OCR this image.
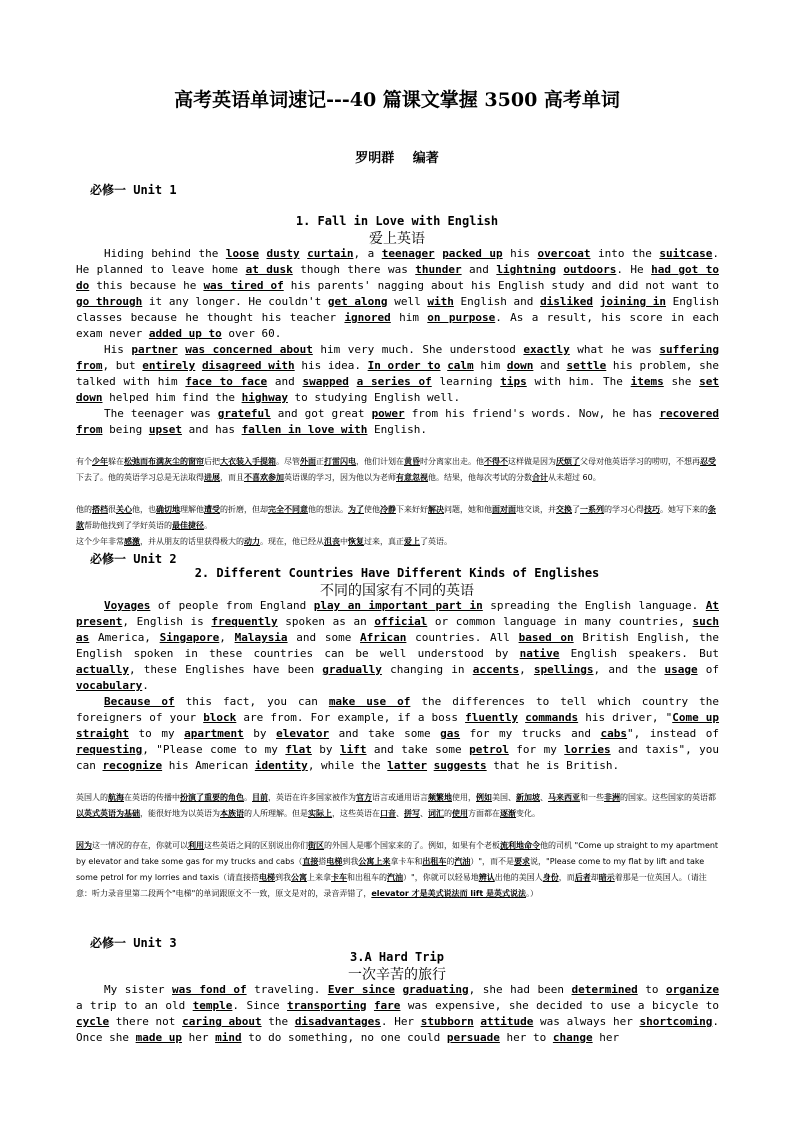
高考英语单词速记---40 篇课文掌握 3500 高考单词
罗明群 编著
必修一 Unit 1
1. Fall in Love with English
爱上英语

Hiding behind the loose dusty curtain, a teenager packed up his overcoat into the suitcase. He planned to leave home at dusk though there was thunder and lightning outdoors. He had got to do this because he was tired of his parents' nagging about his English study and did not want to go through it any longer. He couldn't get along well with English and disliked joining in English classes because he thought his teacher ignored him on purpose. As a result, his score in each exam never added up to over 60.

His partner was concerned about him very much. She understood exactly what he was suffering from, but entirely disagreed with his idea. In order to calm him down and settle his problem, she talked with him face to face and swapped a series of learning tips with him. The items she set down helped him find the highway to studying English well.

The teenager was grateful and got great power from his friend's words. Now, he has recovered from being upset and has fallen in love with English.

有个少年躲在松弛而布满灰尘的窗帘后把大衣装入手提箱。尽管外面正打雷闪电，他们计划在黄昏时分离家出走。他不得不这样做是因为厌烦了父母对他英语学习的唠叨，不想再忍受下去了。他的英语学习总是无法取得进展，而且不喜欢参加英语课的学习，因为他以为老师有意忽视他。结果，他每次考试的分数合计从未超过 60。

他的搭档很关心他，也确切地理解他遭受的折磨，但却完全不同意他的想法。为了使他冷静下来好好解决问题，她和他面对面地交谈，并交换了一系列的学习心得技巧。她写下来的条款帮助他找到了学好英语的最佳捷径。

这个少年非常感激，并从朋友的话里获得极大的动力。现在，他已经从沮丧中恢复过来，真正爱上了英语。

必修一 Unit 2
2. Different Countries Have Different Kinds of Englishes
不同的国家有不同的英语

Voyages of people from England play an important part in spreading the English language. At present, English is frequently spoken as an official or common language in many countries, such as America, Singapore, Malaysia and some African countries. All based on British English, the English spoken in these countries can be well understood by native English speakers. But actually, these Englishes have been gradually changing in accents, spellings, and the usage of vocabulary.

Because of this fact, you can make use of the differences to tell which country the foreigners of your block are from. For example, if a boss fluently commands his driver, "Come up straight to my apartment by elevator and take some gas for my trucks and cabs", instead of requesting, "Please come to my flat by lift and take some petrol for my lorries and taxis", you can recognize his American identity, while the latter suggests that he is British.

英国人的航海在英语的传播中扮演了重要的角色。目前，英语在许多国家被作为官方语言或通用语言频繁地使用，例如美国、新加坡、马来西亚和一些非洲的国家。这些国家的英语都以英式英语为基础，能很好地为以英语为本族语的人所理解。但是实际上，这些英语在口音、拼写、词汇的使用方面都在逐渐变化。

因为这一情况的存在，你就可以利用这些英语之间的区别说出你们街区的外国人是哪个国家来的了。例如，如果有个老板流利地命令他的司机 "Come up straight to my apartment by elevator and take some gas for my trucks and cabs（直接搭电梯到我公寓上来拿卡车和出租车的汽油）"，而不是要求说，"Please come to my flat by lift and take some petrol for my lorries and taxis（请直接搭电梯到我公寓上来拿卡车和出租车的汽油）"，你就可以轻易地辨认出他的美国人身份，而后者却暗示着那是一位英国人。（请注意：听力录音里第二段两个"电梯"的单词跟原文不一致，原文是对的，录音弄错了，elevator 才是美式说法而 lift 是英式说法。）

必修一 Unit 3
3.A Hard Trip
一次辛苦的旅行

My sister was fond of traveling. Ever since graduating, she had been determined to organize a trip to an old temple. Since transporting fare was expensive, she decided to use a bicycle to cycle there not caring about the disadvantages. Her stubborn attitude was always her shortcoming. Once she made up her mind to do something, no one could persuade her to change her
